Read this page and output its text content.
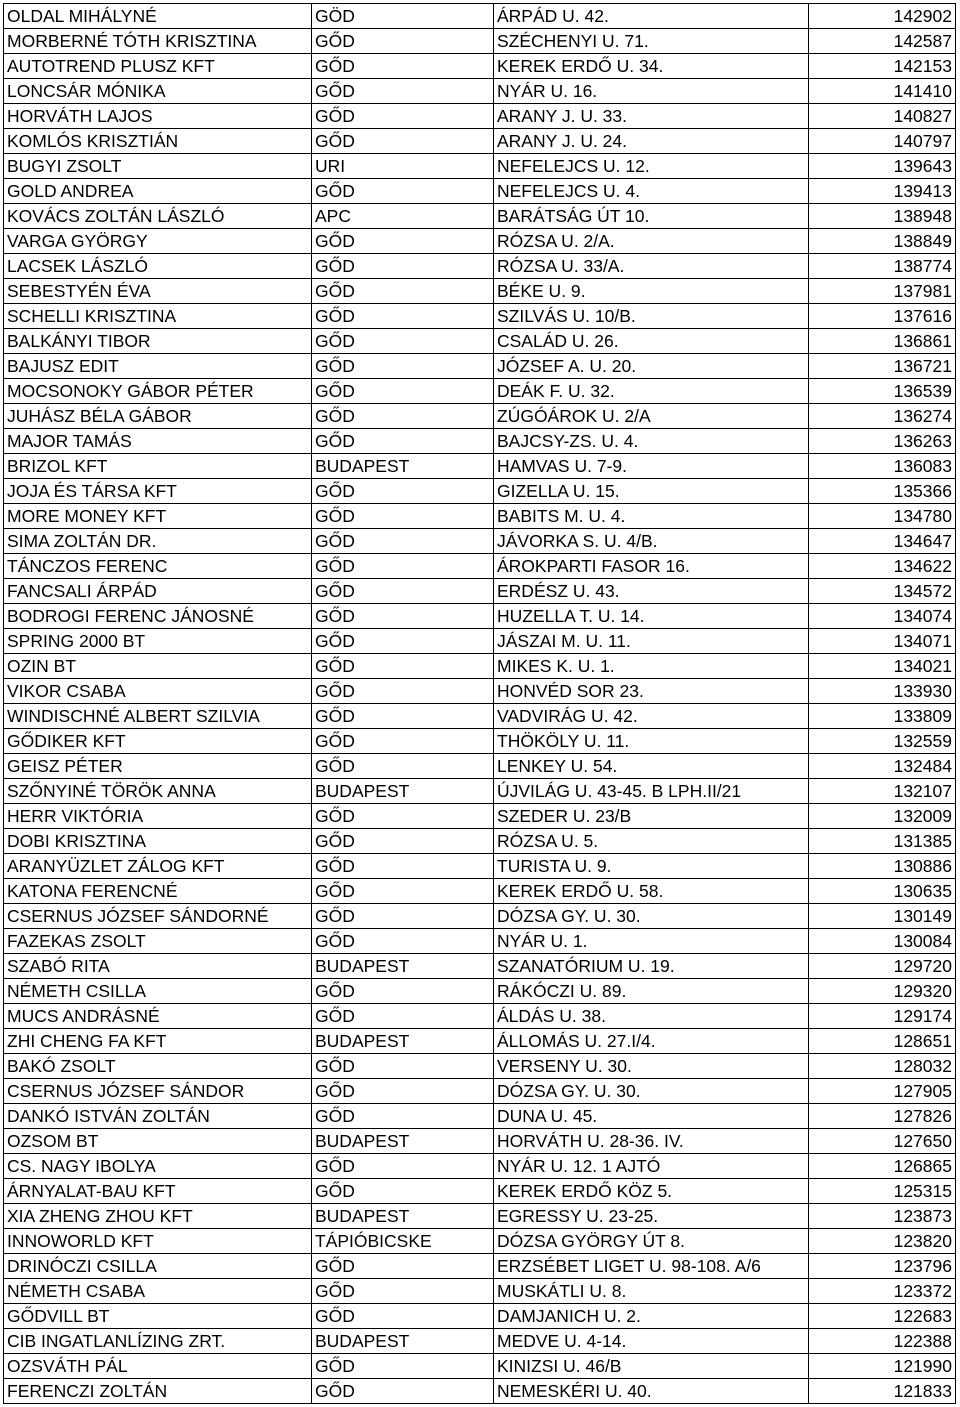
OLDAL MIHÁLYNÉ	GÖD	ÁRPÁD U. 42.	142902
MORBERNÉ TÓTH KRISZTINA	GŐD	SZÉCHENYI U. 71.	142587
AUTOTREND PLUSZ KFT	GŐD	KEREK ERDŐ U. 34.	142153
LONCSÁR MÓNIKA	GŐD	NYÁR U. 16.	141410
HORVÁTH LAJOS	GŐD	ARANY J. U. 33.	140827
KOMLÓS KRISZTIÁN	GŐD	ARANY J. U. 24.	140797
BUGYI ZSOLT	URI	NEFELEJCS U. 12.	139643
GOLD ANDREA	GŐD	NEFELEJCS U. 4.	139413
KOVÁCS ZOLTÁN LÁSZLÓ	APC	BARÁTSÁG ÚT 10.	138948
VARGA GYÖRGY	GŐD	RÓZSA U. 2/A.	138849
LACSEK LÁSZLÓ	GŐD	RÓZSA U. 33/A.	138774
SEBESTYÉN ÉVA	GŐD	BÉKE U. 9.	137981
SCHELLI KRISZTINA	GŐD	SZILVÁS U. 10/B.	137616
BALKÁNYI TIBOR	GŐD	CSALÁD U. 26.	136861
BAJUSZ EDIT	GŐD	JÓZSEF A. U. 20.	136721
MOCSONOKY GÁBOR PÉTER	GŐD	DEÁK F. U. 32.	136539
JUHÁSZ BÉLA GÁBOR	GŐD	ZÚGÓÁROK U. 2/A	136274
MAJOR TAMÁS	GŐD	BAJCSY-ZS. U. 4.	136263
BRIZOL KFT	BUDAPEST	HAMVAS U. 7-9.	136083
JOJA ÉS TÁRSA KFT	GŐD	GIZELLA U. 15.	135366
MORE MONEY KFT	GŐD	BABITS M. U. 4.	134780
SIMA ZOLTÁN DR.	GŐD	JÁVORKA S. U. 4/B.	134647
TÁNCZOS FERENC	GŐD	ÁROKPARTI FASOR 16.	134622
FANCSALI ÁRPÁD	GŐD	ERDÉSZ U. 43.	134572
BODROGI FERENC JÁNOSNÉ	GŐD	HUZELLA T. U. 14.	134074
SPRING 2000 BT	GŐD	JÁSZAI M. U. 11.	134071
OZIN BT	GŐD	MIKES K. U. 1.	134021
VIKOR CSABA	GŐD	HONVÉD SOR 23.	133930
WINDISCHNÉ ALBERT SZILVIA	GŐD	VADVIRÁG U. 42.	133809
GŐDIKER KFT	GŐD	THÖKÖLY U. 11.	132559
GEISZ PÉTER	GŐD	LENKEY U. 54.	132484
SZŐNYINÉ TÖRÖK ANNA	BUDAPEST	ÚJVILÁG U. 43-45. B LPH.II/21	132107
HERR VIKTÓRIA	GŐD	SZEDER U. 23/B	132009
DOBI KRISZTINA	GŐD	RÓZSA U. 5.	131385
ARANYÜZLET ZÁLOG KFT	GŐD	TURISTA U. 9.	130886
KATONA FERENCNÉ	GŐD	KEREK ERDŐ U. 58.	130635
CSERNUS JÓZSEF SÁNDORNÉ	GŐD	DÓZSA GY. U. 30.	130149
FAZEKAS ZSOLT	GŐD	NYÁR U. 1.	130084
SZABÓ RITA	BUDAPEST	SZANATÓRIUM U. 19.	129720
NÉMETH CSILLA	GŐD	RÁKÓCZI U. 89.	129320
MUCS ANDRÁSNÉ	GŐD	ÁLDÁS U. 38.	129174
ZHI CHENG FA KFT	BUDAPEST	ÁLLOMÁS U. 27.I/4.	128651
BAKÓ ZSOLT	GŐD	VERSENY U. 30.	128032
CSERNUS JÓZSEF SÁNDOR	GŐD	DÓZSA GY. U. 30.	127905
DANKÓ ISTVÁN ZOLTÁN	GŐD	DUNA U. 45.	127826
OZSOM BT	BUDAPEST	HORVÁTH U. 28-36. IV.	127650
CS. NAGY IBOLYA	GŐD	NYÁR U. 12. 1 AJTÓ	126865
ÁRNYALAT-BAU KFT	GŐD	KEREK ERDŐ KÖZ 5.	125315
XIA ZHENG ZHOU KFT	BUDAPEST	EGRESSY U. 23-25.	123873
INNOWORLD KFT	TÁPIÓBICSKE	DÓZSA GYÖRGY ÚT 8.	123820
DRINÓCZI CSILLA	GŐD	ERZSÉBET LIGET U. 98-108. A/6	123796
NÉMETH CSABA	GŐD	MUSKÁTLI U. 8.	123372
GŐDVILL BT	GŐD	DAMJANICH U. 2.	122683
CIB INGATLANLÍZING ZRT.	BUDAPEST	MEDVE U. 4-14.	122388
OZSVÁTH PÁL	GŐD	KINIZSI U. 46/B	121990
FERENCZI ZOLTÁN	GŐD	NEMESKÉRI U. 40.	121833
